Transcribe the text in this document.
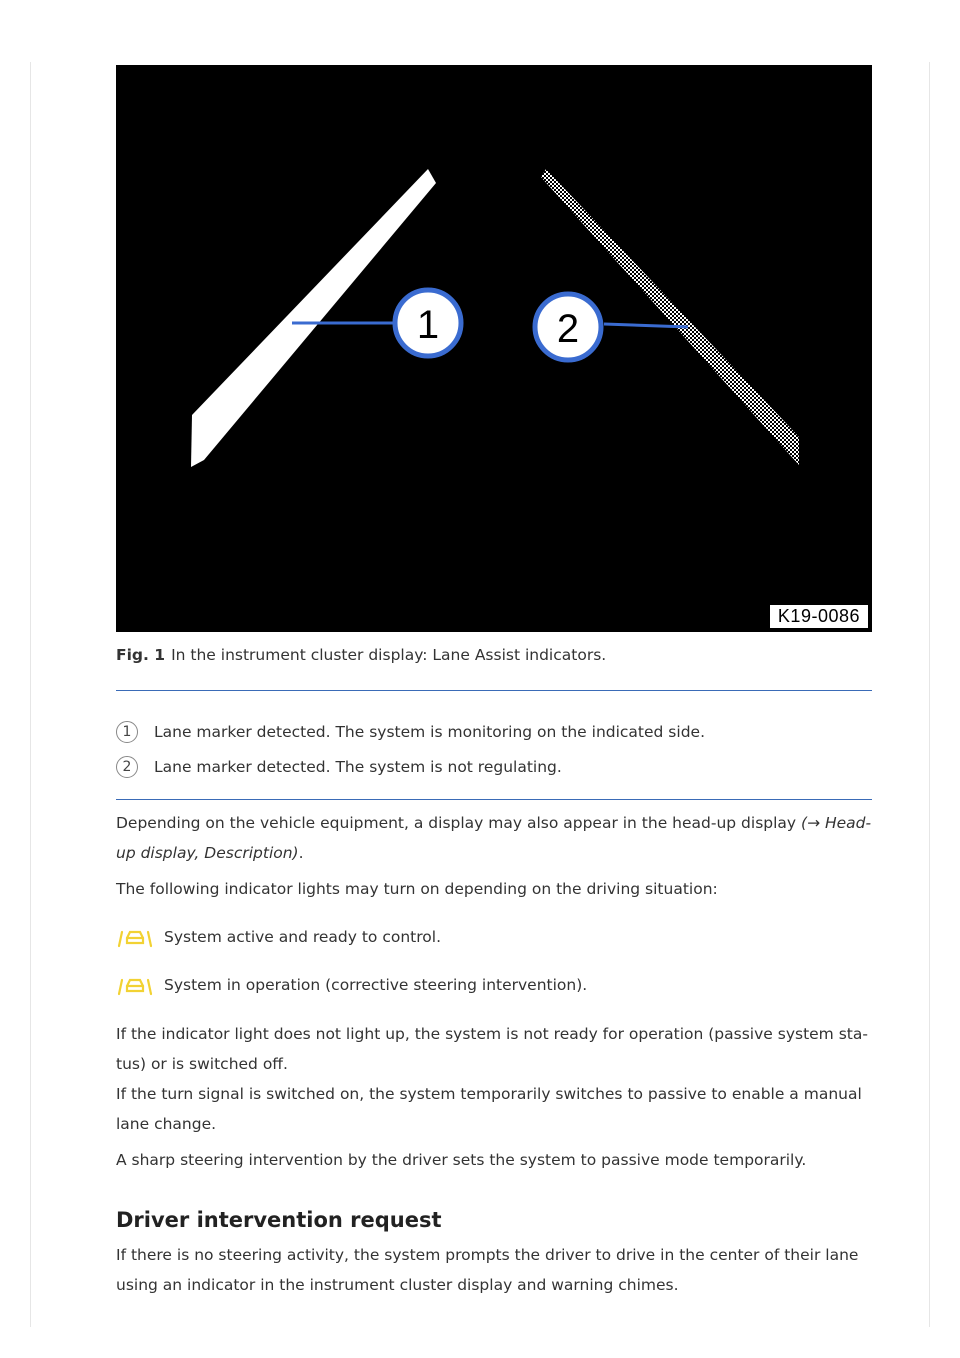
1	2
K19-0086
Fig. 1 In the instrument cluster display: Lane Assist indicators.
1	Lane marker detected. The system is monitoring on the indicated side.
2	Lane marker detected. The system is not regulating.
Depending on the vehicle equipment, a display may also appear in the head-up display (→ Head-up display, Description).
The following indicator lights may turn on depending on the driving situation:
System active and ready to control.
System in operation (corrective steering intervention).
If the indicator light does not light up, the system is not ready for operation (passive system sta-tus) or is switched off.
If the turn signal is switched on, the system temporarily switches to passive to enable a manual lane change.
A sharp steering intervention by the driver sets the system to passive mode temporarily.
Driver intervention request
If there is no steering activity, the system prompts the driver to drive in the center of their lane using an indicator in the instrument cluster display and warning chimes.
